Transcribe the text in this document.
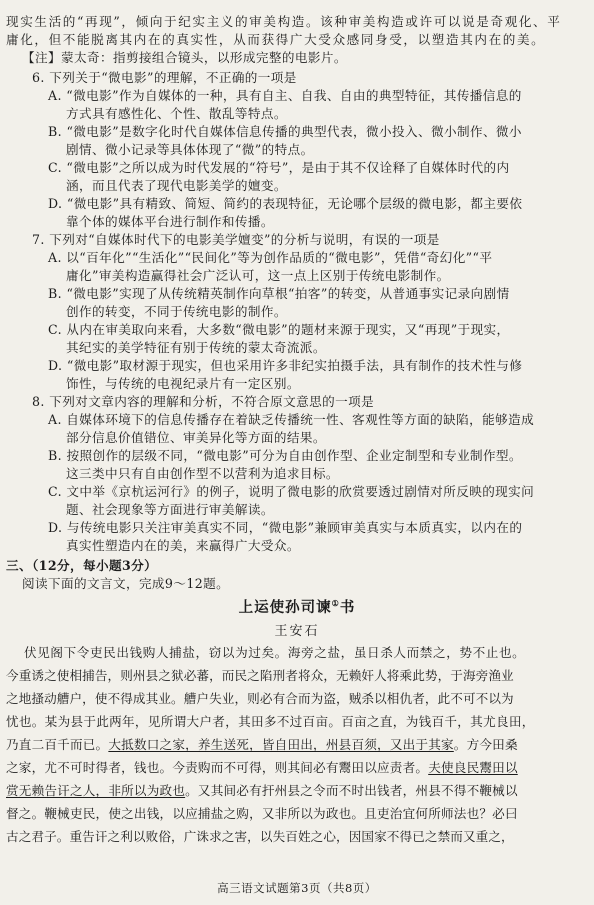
现实生活的“再现”，倾向于纪实主义的审美构造。该种审美构造或许可以说是奇观化、平
庸化，但不能脱离其内在的真实性，从而获得广大受众感同身受，以塑造其内在的美。
【注】蒙太奇：指剪接组合镜头，以形成完整的电影片。
6. 下列关于“微电影”的理解，不正确的一项是
A. “微电影”作为自媒体的一种，具有自主、自我、自由的典型特征，其传播信息的
方式具有感性化、个性、散乱等特点。
B. “微电影”是数字化时代自媒体信息传播的典型代表，微小投入、微小制作、微小
剧情、微小记录等具体体现了“微”的特点。
C. “微电影”之所以成为时代发展的“符号”，是由于其不仅诠释了自媒体时代的内
涵，而且代表了现代电影美学的嬗变。
D. “微电影”具有精致、简短、简约的表现特征，无论哪个层级的微电影，都主要依
靠个体的媒体平台进行制作和传播。
7. 下列对“自媒体时代下的电影美学嬗变”的分析与说明，有误的一项是
A. 以“百年化”“生活化”“民间化”等为创作品质的“微电影”，凭借“奇幻化”“平
庸化”审美构造赢得社会广泛认可，这一点上区别于传统电影制作。
B. “微电影”实现了从传统精英制作向草根“拍客”的转变，从普通事实记录向剧情
创作的转变，不同于传统电影的制作。
C. 从内在审美取向来看，大多数“微电影”的题材来源于现实，又“再现”于现实，
其纪实的美学特征有别于传统的蒙太奇流派。
D. “微电影”取材源于现实，但也采用许多非纪实拍摄手法，具有制作的技术性与修
饰性，与传统的电视纪录片有一定区别。
8. 下列对文章内容的理解和分析，不符合原文意思的一项是
A. 自媒体环境下的信息传播存在着缺乏传播统一性、客观性等方面的缺陷，能够造成
部分信息价值错位、审美异化等方面的结果。
B. 按照创作的层级不同，“微电影”可分为自由创作型、企业定制型和专业制作型。
这三类中只有自由创作型不以营利为追求目标。
C. 文中举《京杭运河行》的例子，说明了微电影的欣赏要透过剧情对所反映的现实问
题、社会现象等方面进行审美解读。
D. 与传统电影只关注审美真实不同，“微电影”兼顾审美真实与本质真实，以内在的
真实性塑造内在的美，来赢得广大受众。
三、（12分，每小题3分）
阅读下面的文言文，完成9～12题。
上运使孙司谏①书
王安石
伏见阁下令吏民出钱购人捕盐，窃以为过矣。海旁之盐，虽日杀人而禁之，势不止也。
今重诱之使相捕告，则州县之狱必蕃，而民之陷刑者将众，无赖奸人将乘此势，于海旁渔业
之地搔动艚户，使不得成其业。艚户失业，则必有合而为盗，贼杀以相仇者，此不可不以为
忧也。某为县于此两年，见所谓大户者，其田多不过百亩。百亩之直，为钱百千，其尤良田，
乃直二百千而已。大抵数口之家，养生送死，皆自田出，州县百须，又出于其家。方今田桑
之家，尤不可时得者，钱也。今责购而不可得，则其间必有鬻田以应责者。夫使良民鬻田以
赏无赖告讦之人，非所以为政也。又其间必有扞州县之令而不时出钱者，州县不得不鞭械以
督之。鞭械吏民，使之出钱，以应捕盐之购，又非所以为政也。且吏治宜何所师法也？必曰
古之君子。重告讦之利以败俗，广诛求之害，以失百姓之心，因国家不得已之禁而又重之，
高三语文试题第3页（共8页）
